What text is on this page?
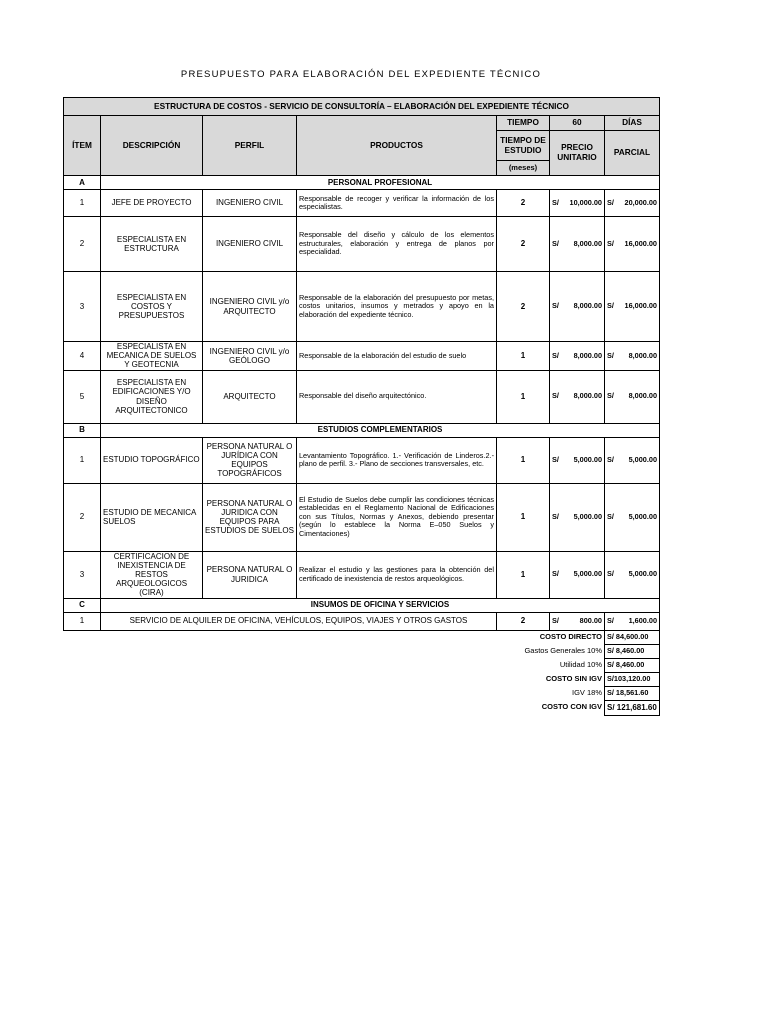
PRESUPUESTO PARA ELABORACIÓN DEL EXPEDIENTE TÉCNICO
ESTRUCTURA DE COSTOS - SERVICIO DE CONSULTORÍA – ELABORACIÓN DEL EXPEDIENTE TÉCNICO						
ÍTEM	DESCRIPCIÓN	PERFIL	PRODUCTOS	TIEMPO	60	DÍAS
				TIEMPO DE ESTUDIO	PRECIO UNITARIO	PARCIAL
				(meses)		
A	PERSONAL PROFESIONAL					
1	JEFE DE PROYECTO	INGENIERO CIVIL	Responsable de recoger y verificar la información de los especialistas.	2	S/ 10,000.00	S/ 20,000.00
2	ESPECIALISTA EN ESTRUCTURA	INGENIERO CIVIL	Responsable del diseño y cálculo de los elementos estructurales, elaboración y entrega de planos por especialidad.	2	S/ 8,000.00	S/ 16,000.00
3	ESPECIALISTA EN COSTOS Y PRESUPUESTOS	INGENIERO CIVIL y/o ARQUITECTO	Responsable de la elaboración del presupuesto por metas, costos unitarios, insumos y metrados y apoyo en la elaboración del expediente técnico.	2	S/ 8,000.00	S/ 16,000.00
4	ESPECIALISTA EN MECANICA DE SUELOS Y GEOTECNIA	INGENIERO CIVIL y/o GEÓLOGO	Responsable de la elaboración del estudio de suelo	1	S/ 8,000.00	S/ 8,000.00
5	ESPECIALISTA EN EDIFICACIONES Y/O DISEÑO ARQUITECTONICO	ARQUITECTO	Responsable del diseño arquitectónico.	1	S/ 8,000.00	S/ 8,000.00
B	ESTUDIOS COMPLEMENTARIOS					
1	ESTUDIO TOPOGRÁFICO	PERSONA NATURAL O JURÍDICA CON EQUIPOS TOPOGRÁFICOS	Levantamiento Topográfico. 1.- Verificación de Linderos.2.- plano de perfil. 3.- Plano de secciones transversales, etc.	1	S/ 5,000.00	S/ 5,000.00
2	ESTUDIO DE MECANICA SUELOS	PERSONA NATURAL O JURIDICA CON EQUIPOS PARA ESTUDIOS DE SUELOS	El Estudio de Suelos debe cumplir las condiciones técnicas establecidas en el Reglamento Nacional de Edificaciones con sus Títulos, Normas y Anexos, debiendo presentar (según lo establece la Norma E–050 Suelos y Cimentaciones)	1	S/ 5,000.00	S/ 5,000.00
3	CERTIFICACION DE INEXISTENCIA DE RESTOS ARQUEOLOGICOS (CIRA)	PERSONA NATURAL O JURIDICA	Realizar el estudio y las gestiones para la obtención del certificado de inexistencia de restos arqueológicos.	1	S/ 5,000.00	S/ 5,000.00
C	INSUMOS DE OFICINA Y SERVICIOS					
1	SERVICIO DE ALQUILER DE OFICINA, VEHÍCULOS, EQUIPOS, VIAJES Y OTROS GASTOS			2	S/ 800.00	S/ 1,600.00
COSTO DIRECTO						S/ 84,600.00
Gastos Generales 10%						S/ 8,460.00
Utilidad 10%						S/ 8,460.00
COSTO SIN IGV						S/103,120.00
IGV 18%						S/ 18,561.60
COSTO CON IGV						S/ 121,681.60
